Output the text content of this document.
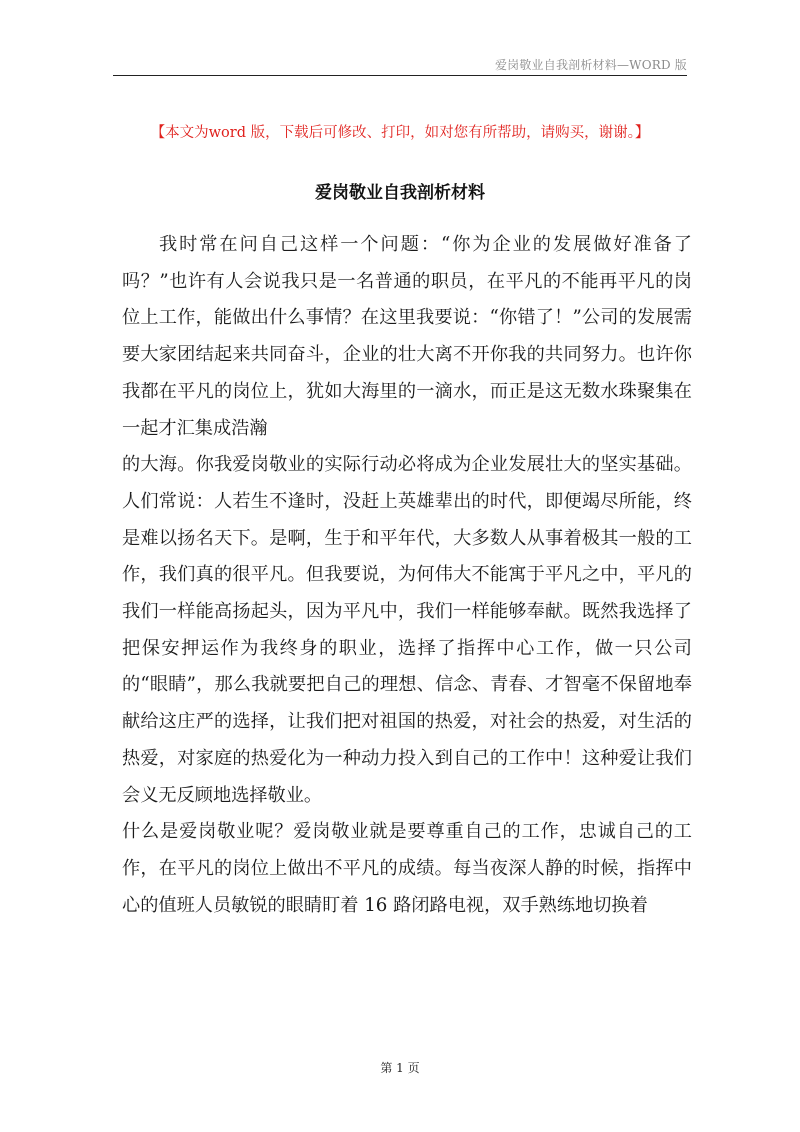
爱岗敬业自我剖析材料—WORD 版
【本文为word 版，下载后可修改、打印，如对您有所帮助，请购买，谢谢。】
爱岗敬业自我剖析材料

我时常在问自己这样一个问题：“你为企业的发展做好准备了吗？”也许有人会说我只是一名普通的职员，在平凡的不能再平凡的岗位上工作，能做出什么事情？在这里我要说：“你错了！”公司的发展需要大家团结起来共同奋斗，企业的壮大离不开你我的共同努力。也许你我都在平凡的岗位上，犹如大海里的一滴水，而正是这无数水珠聚集在一起才汇集成浩瀚

的大海。你我爱岗敬业的实际行动必将成为企业发展壮大的坚实基础。人们常说：人若生不逢时，没赶上英雄辈出的时代，即便竭尽所能，终是难以扬名天下。是啊，生于和平年代，大多数人从事着极其一般的工作，我们真的很平凡。但我要说，为何伟大不能寓于平凡之中，平凡的我们一样能高扬起头，因为平凡中，我们一样能够奉献。既然我选择了把保安押运作为我终身的职业，选择了指挥中心工作，做一只公司的“眼睛”，那么我就要把自己的理想、信念、青春、才智毫不保留地奉献给这庄严的选择，让我们把对祖国的热爱，对社会的热爱，对生活的热爱，对家庭的热爱化为一种动力投入到自己的工作中！这种爱让我们会义无反顾地选择敬业。

什么是爱岗敬业呢？爱岗敬业就是要尊重自己的工作，忠诚自己的工作，在平凡的岗位上做出不平凡的成绩。每当夜深人静的时候，指挥中心的值班人员敏锐的眼睛盯着 16 路闭路电视，双手熟练地切换着

第 1 页
